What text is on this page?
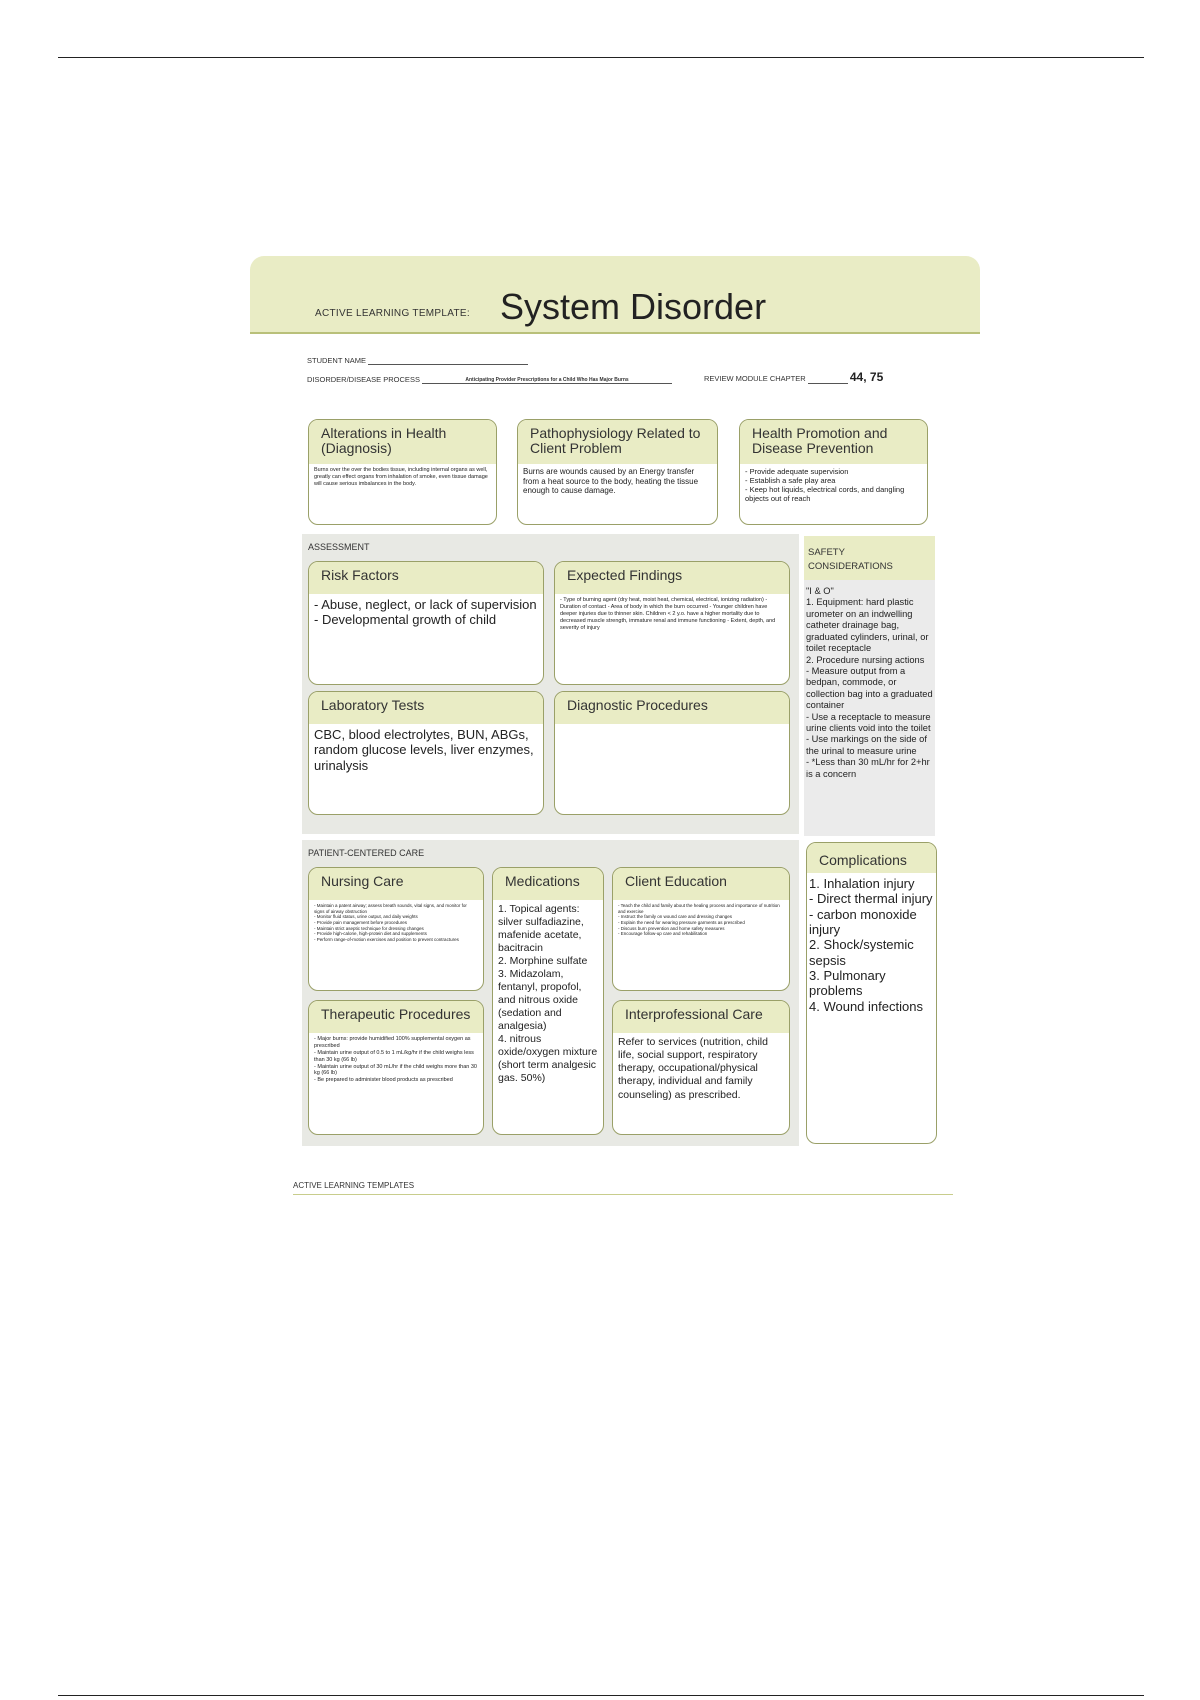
ACTIVE LEARNING TEMPLATE: System Disorder
STUDENT NAME
DISORDER/DISEASE PROCESS	Anticipating Provider Prescriptions for a Child Who Has Major Burns	REVIEW MODULE CHAPTER	44, 75
Alterations in Health (Diagnosis)
Burns over the over the bodies tissue, including internal organs as well, greatly can effect organs from inhalation of smoke, even tissue damage will cause serious imbalances in the body.
Pathophysiology Related to Client Problem
Burns are wounds caused by an Energy transfer from a heat source to the body, heating the tissue enough to cause damage.
Health Promotion and Disease Prevention
- Provide adequate supervision
- Establish a safe play area
- Keep hot liquids, electrical cords, and dangling objects out of reach
ASSESSMENT
Risk Factors
- Abuse, neglect, or lack of supervision
- Developmental growth of child
Expected Findings
- Type of burning agent (dry heat, moist heat, chemical, electrical, ionizing radiation) - Duration of contact - Area of body in which the burn occurred - Younger children have deeper injuries due to thinner skin. Children < 2 y.o. have a higher mortality due to decreased muscle strength, immature renal and immune functioning - Extent, depth, and severity of injury
Laboratory Tests
CBC, blood electrolytes, BUN, ABGs, random glucose levels, liver enzymes, urinalysis
Diagnostic Procedures
SAFETY
CONSIDERATIONS
"I & O"
1. Equipment: hard plastic urometer on an indwelling catheter drainage bag, graduated cylinders, urinal, or toilet receptacle
2. Procedure nursing actions
- Measure output from a bedpan, commode, or collection bag into a graduated container
- Use a receptacle to measure urine clients void into the toilet
- Use markings on the side of the urinal to measure urine
- *Less than 30 mL/hr for 2+hr is a concern
PATIENT-CENTERED CARE
Nursing Care
- Maintain a patent airway; assess breath sounds, vital signs, and monitor for signs of airway obstruction
- Monitor fluid status, urine output, and daily weights
- Provide pain management before procedures
- Maintain strict aseptic technique for dressing changes
- Provide high-calorie, high-protein diet and supplements
- Perform range-of-motion exercises and position to prevent contractures
Medications
1. Topical agents: silver sulfadiazine, mafenide acetate, bacitracin
2. Morphine sulfate
3. Midazolam, fentanyl, propofol, and nitrous oxide (sedation and analgesia)
4. nitrous oxide/oxygen mixture (short term analgesic gas. 50%)
Client Education
- Teach the child and family about the healing process and importance of nutrition and exercise
- Instruct the family on wound care and dressing changes
- Explain the need for wearing pressure garments as prescribed
- Discuss burn prevention and home safety measures
- Encourage follow-up care and rehabilitation
Therapeutic Procedures
- Major burns: provide humidified 100% supplemental oxygen as prescribed
- Maintain urine output of 0.5 to 1 mL/kg/hr if the child weighs less than 30 kg (66 lb)
- Maintain urine output of 30 mL/hr if the child weighs more than 30 kg (66 lb)
- Be prepared to administer blood products as prescribed
Interprofessional Care
Refer to services (nutrition, child life, social support, respiratory therapy, occupational/physical therapy, individual and family counseling) as prescribed.
Complications
1. Inhalation injury
- Direct thermal injury
- carbon monoxide injury
2. Shock/systemic sepsis
3. Pulmonary problems
4. Wound infections
ACTIVE LEARNING TEMPLATES
